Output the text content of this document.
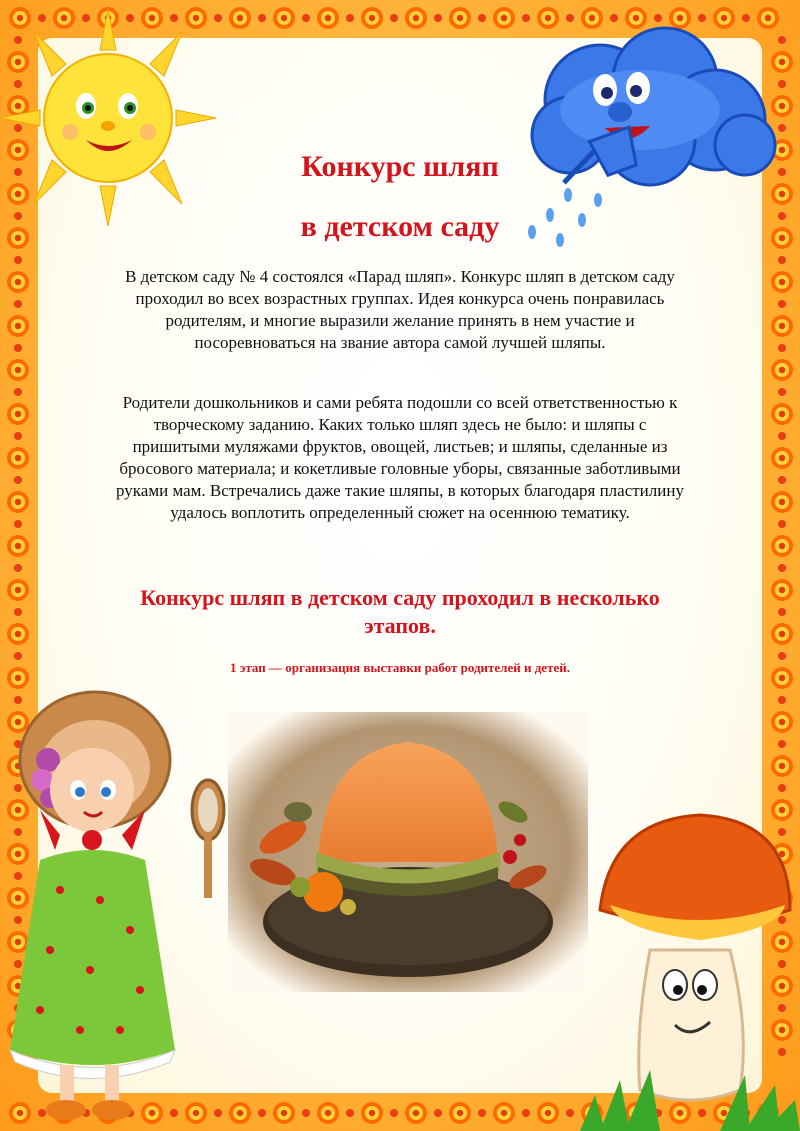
Конкурс шляп
в детском саду
В детском саду № 4 состоялся «Парад шляп». Конкурс шляп в детском саду проходил во всех возрастных группах. Идея конкурса очень понравилась родителям, и многие выразили желание принять в нем участие и посоревноваться на звание автора самой лучшей шляпы.
Родители дошкольников и сами ребята подошли со всей ответственностью к творческому заданию. Каких только шляп здесь не было: и шляпы с пришитыми муляжами фруктов, овощей, листьев; и шляпы, сделанные из бросового материала; и кокетливые головные уборы, связанные заботливыми руками мам. Встречались даже такие шляпы, в которых благодаря пластилину удалось воплотить определенный сюжет на осеннюю тематику.
Конкурс шляп в детском саду проходил в несколько этапов.
1 этап — организация выставки работ родителей и детей.
